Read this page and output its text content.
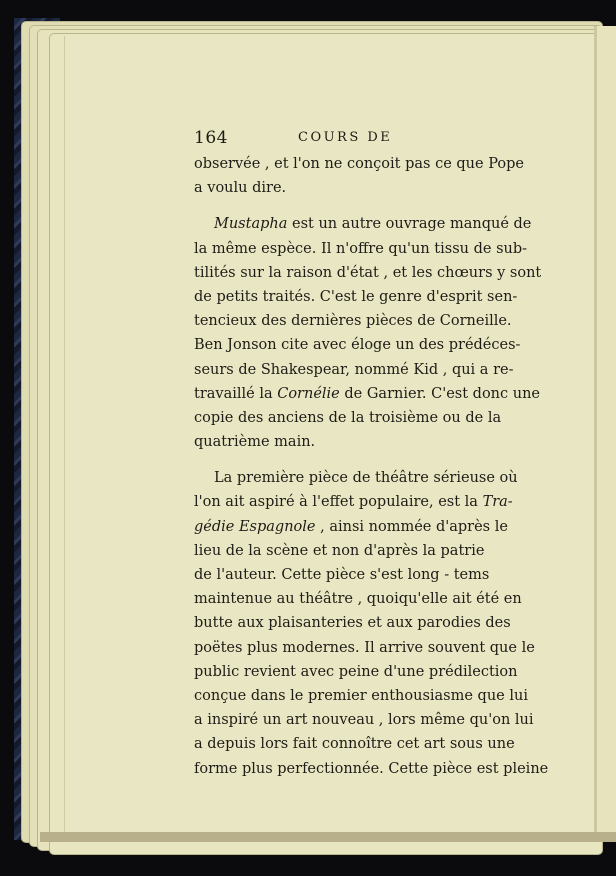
164	COURS DE
observée , et l'on ne conçoit pas ce que Pope
a voulu dire.
Mustapha est un autre ouvrage manqué de
la même espèce. Il n'offre qu'un tissu de sub-
tilités sur la raison d'état , et les chœurs y sont
de petits traités. C'est le genre d'esprit sen-
tencieux des dernières pièces de Corneille.
Ben Jonson cite avec éloge un des prédéces-
seurs de Shakespear, nommé Kid , qui a re-
travaillé la Cornélie de Garnier. C'est donc une
copie des anciens de la troisième ou de la
quatrième main.
La première pièce de théâtre sérieuse où
l'on ait aspiré à l'effet populaire, est la Tra-
gédie Espagnole , ainsi nommée d'après le
lieu de la scène et non d'après la patrie
de l'auteur. Cette pièce s'est long - tems
maintenue au théâtre , quoiqu'elle ait été en
butte aux plaisanteries et aux parodies des
poëtes plus modernes. Il arrive souvent que le
public revient avec peine d'une prédilection
conçue dans le premier enthousiasme que lui
a inspiré un art nouveau , lors même qu'on lui
a depuis lors fait connoître cet art sous une
forme plus perfectionnée. Cette pièce est pleine
